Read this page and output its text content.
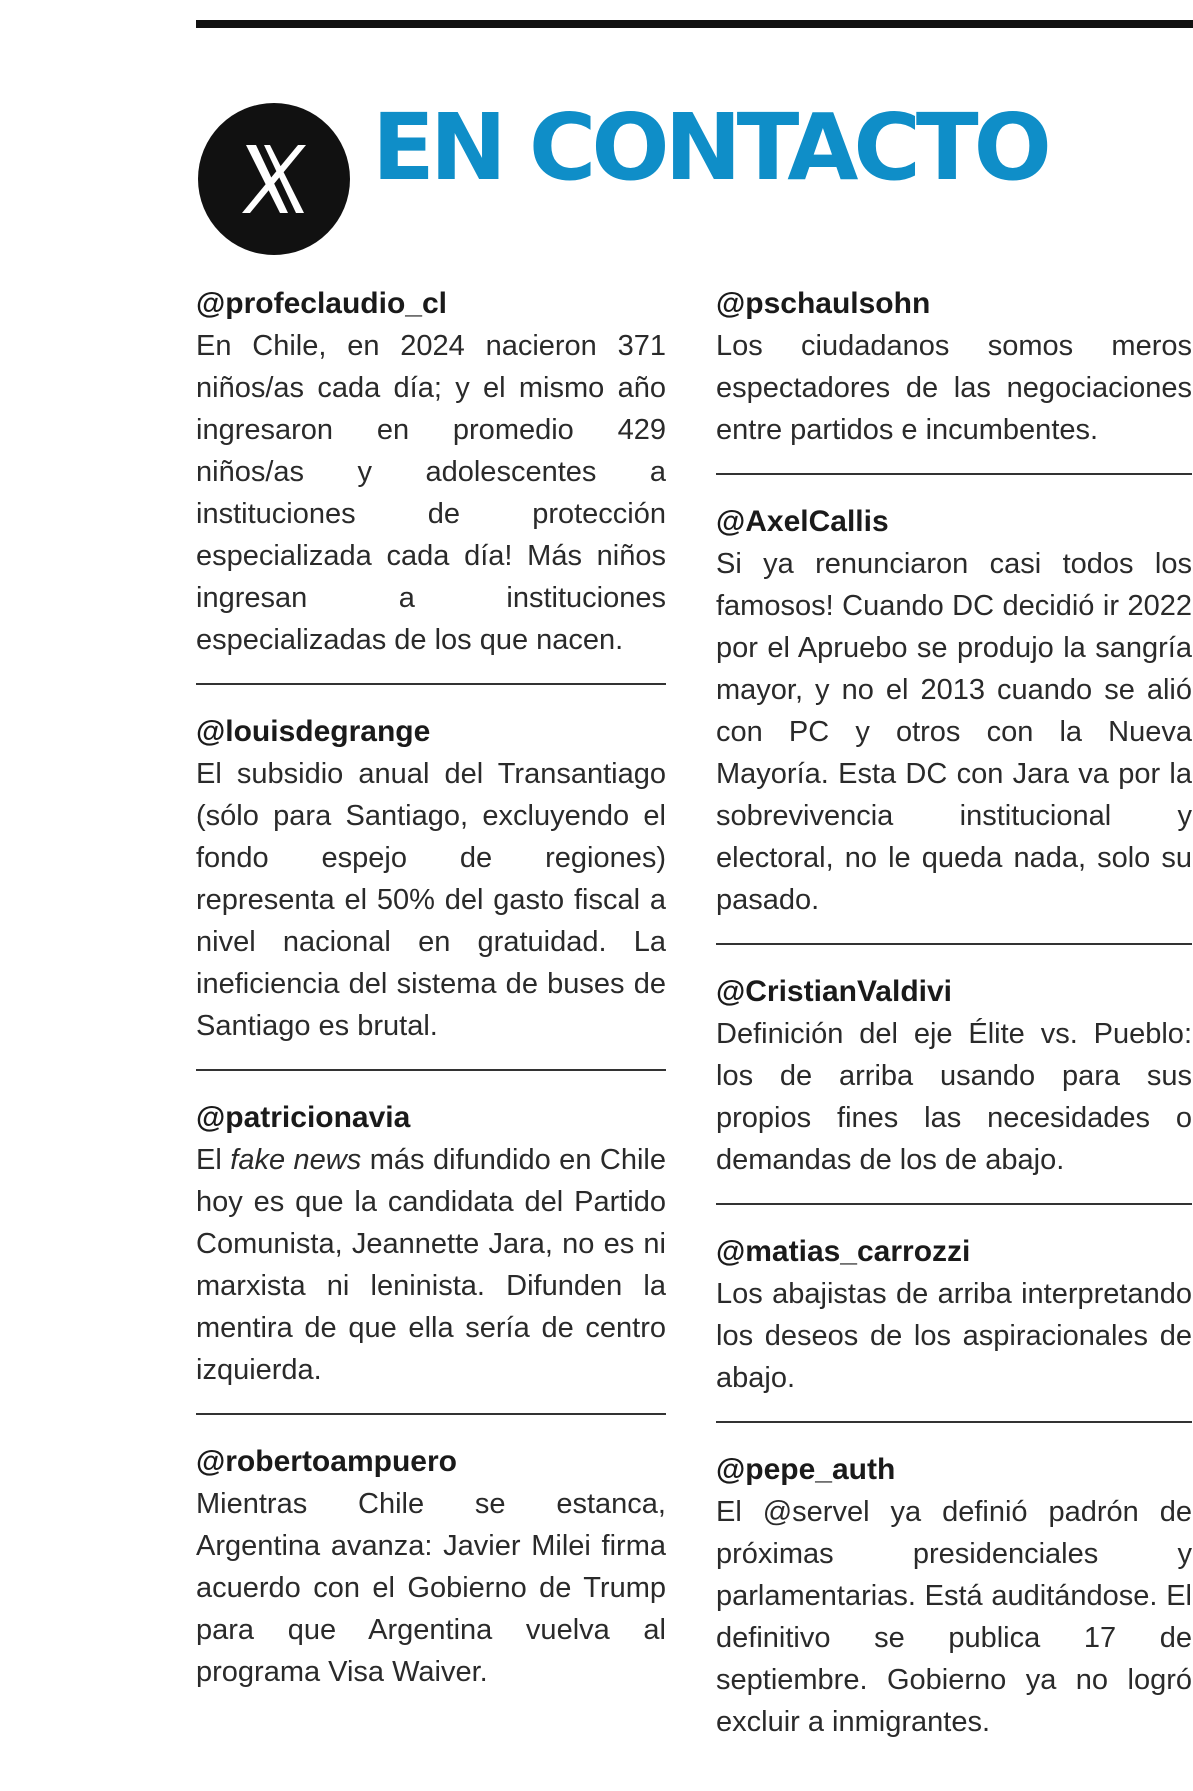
EN CONTACTO
@profeclaudio_cl
En Chile, en 2024 nacieron 371 niños/as cada día; y el mismo año ingresaron en promedio 429 niños/as y adolescentes a instituciones de protección especializada cada día! Más niños ingresan a instituciones especializadas de los que nacen.
@louisdegrange
El subsidio anual del Transantiago (sólo para Santiago, excluyendo el fondo espejo de regiones) representa el 50% del gasto fiscal a nivel nacional en gratuidad. La ineficiencia del sistema de buses de Santiago es brutal.
@patricionavia
El fake news más difundido en Chile hoy es que la candidata del Partido Comunista, Jeannette Jara, no es ni marxista ni leninista. Difunden la mentira de que ella sería de centro izquierda.
@robertoampuero
Mientras Chile se estanca, Argentina avanza: Javier Milei firma acuerdo con el Gobierno de Trump para que Argentina vuelva al programa Visa Waiver.
@pschaulsohn
Los ciudadanos somos meros espectadores de las negociaciones entre partidos e incumbentes.
@AxelCallis
Si ya renunciaron casi todos los famosos! Cuando DC decidió ir 2022 por el Apruebo se produjo la sangría mayor, y no el 2013 cuando se alió con PC y otros con la Nueva Mayoría. Esta DC con Jara va por la sobrevivencia institucional y electoral, no le queda nada, solo su pasado.
@CristianValdivi
Definición del eje Élite vs. Pueblo: los de arriba usando para sus propios fines las necesidades o demandas de los de abajo.
@matias_carrozzi
Los abajistas de arriba interpretando los deseos de los aspiracionales de abajo.
@pepe_auth
El @servel ya definió padrón de próximas presidenciales y parlamentarias. Está auditándose. El definitivo se publica 17 de septiembre. Gobierno ya no logró excluir a inmigrantes.
